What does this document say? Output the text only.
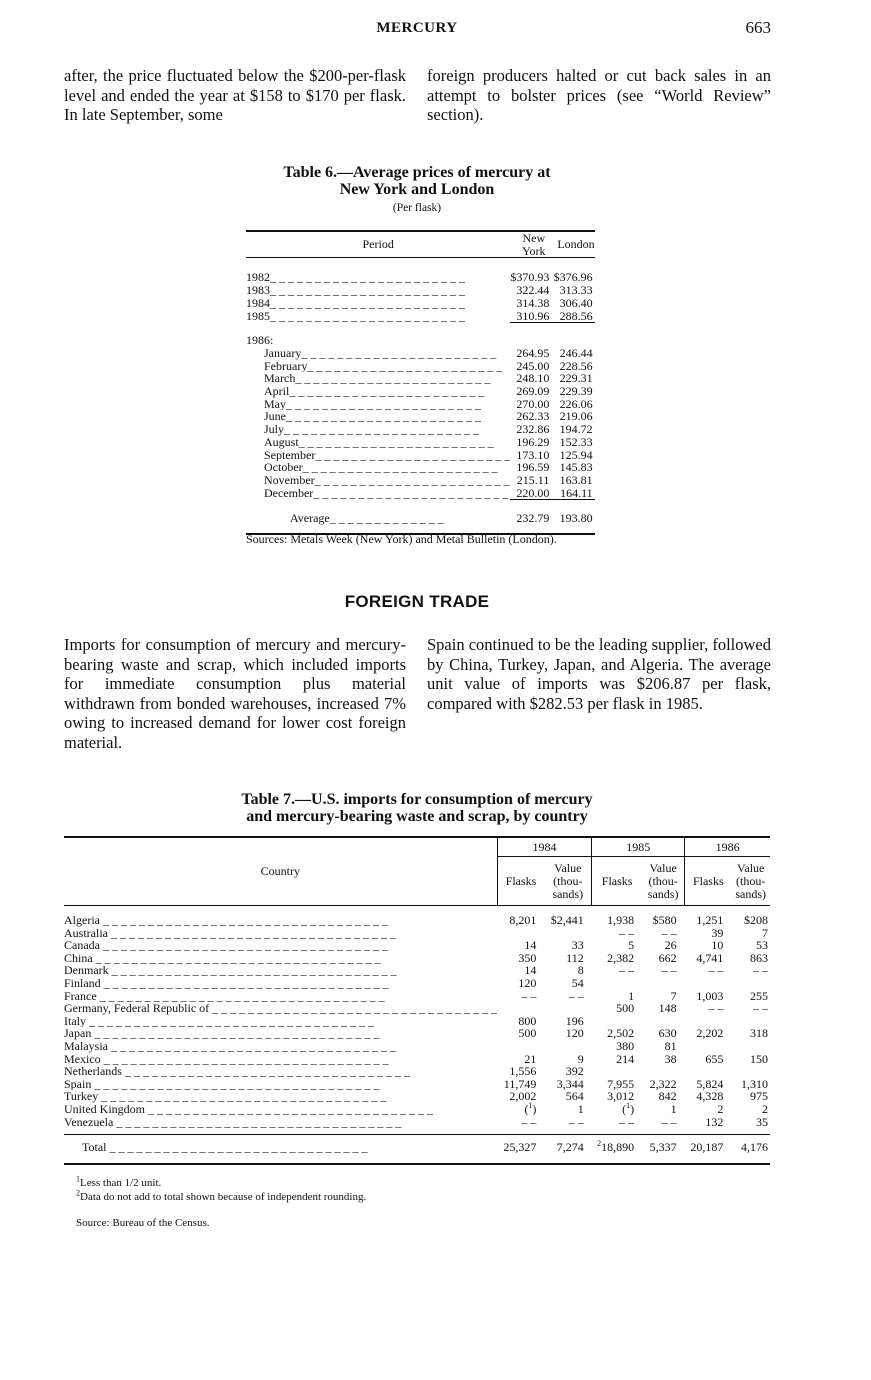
MERCURY	663

after, the price fluctuated below the $200-per-flask level and ended the year at $158 to $170 per flask. In late September, some

foreign producers halted or cut back sales in an attempt to bolster prices (see “World Review” section).

Table 6.—Average prices of mercury at

New York and London

(Per flask)
Period	New York	London

1982_ _ _ _ _ _ _ _ _ _ _ _ _ _ _ _ _ _ _ _ _ _	$370.93	$376.96
1983_ _ _ _ _ _ _ _ _ _ _ _ _ _ _ _ _ _ _ _ _ _	322.44	313.33
1984_ _ _ _ _ _ _ _ _ _ _ _ _ _ _ _ _ _ _ _ _ _	314.38	306.40
1985_ _ _ _ _ _ _ _ _ _ _ _ _ _ _ _ _ _ _ _ _ _	310.96	288.56

1986:		
January_ _ _ _ _ _ _ _ _ _ _ _ _ _ _ _ _ _ _ _ _ _	264.95	246.44
February_ _ _ _ _ _ _ _ _ _ _ _ _ _ _ _ _ _ _ _ _ _	245.00	228.56
March_ _ _ _ _ _ _ _ _ _ _ _ _ _ _ _ _ _ _ _ _ _	248.10	229.31
April_ _ _ _ _ _ _ _ _ _ _ _ _ _ _ _ _ _ _ _ _ _	269.09	229.39
May_ _ _ _ _ _ _ _ _ _ _ _ _ _ _ _ _ _ _ _ _ _	270.00	226.06
June_ _ _ _ _ _ _ _ _ _ _ _ _ _ _ _ _ _ _ _ _ _	262.33	219.06
July_ _ _ _ _ _ _ _ _ _ _ _ _ _ _ _ _ _ _ _ _ _	232.86	194.72
August_ _ _ _ _ _ _ _ _ _ _ _ _ _ _ _ _ _ _ _ _ _	196.29	152.33
September_ _ _ _ _ _ _ _ _ _ _ _ _ _ _ _ _ _ _ _ _ _	173.10	125.94
October_ _ _ _ _ _ _ _ _ _ _ _ _ _ _ _ _ _ _ _ _ _	196.59	145.83
November_ _ _ _ _ _ _ _ _ _ _ _ _ _ _ _ _ _ _ _ _ _	215.11	163.81
December_ _ _ _ _ _ _ _ _ _ _ _ _ _ _ _ _ _ _ _ _ _	220.00	164.11

Average_ _ _ _ _ _ _ _ _ _ _ _ _	232.79	193.80

Sources: Metals Week (New York) and Metal Bulletin (London).
FOREIGN TRADE

Imports for consumption of mercury and mercury-bearing waste and scrap, which included imports for immediate consumption plus material withdrawn from bonded warehouses, increased 7% owing to increased demand for lower cost foreign material.

Spain continued to be the leading supplier, followed by China, Turkey, Japan, and Algeria. The average unit value of imports was $206.87 per flask, compared with $282.53 per flask in 1985.

Table 7.—U.S. imports for consumption of mercury

and mercury-bearing waste and scrap, by country

Country	1984		1985		1986	
	Flasks	Value
(thou-
sands)	Flasks	Value
(thou-
sands)	Flasks	Value
(thou-
sands)

Algeria _ _ _ _ _ _ _ _ _ _ _ _ _ _ _ _ _ _ _ _ _ _ _ _ _ _ _ _ _ _ _ _	8,201	$2,441	1,938	$580	1,251	$208
Australia _ _ _ _ _ _ _ _ _ _ _ _ _ _ _ _ _ _ _ _ _ _ _ _ _ _ _ _ _ _ _ _			– –	– –	39	7
Canada _ _ _ _ _ _ _ _ _ _ _ _ _ _ _ _ _ _ _ _ _ _ _ _ _ _ _ _ _ _ _ _	14	33	5	26	10	53
China _ _ _ _ _ _ _ _ _ _ _ _ _ _ _ _ _ _ _ _ _ _ _ _ _ _ _ _ _ _ _ _	350	112	2,382	662	4,741	863
Denmark _ _ _ _ _ _ _ _ _ _ _ _ _ _ _ _ _ _ _ _ _ _ _ _ _ _ _ _ _ _ _ _	14	8	– –	– –	– –	– –
Finland _ _ _ _ _ _ _ _ _ _ _ _ _ _ _ _ _ _ _ _ _ _ _ _ _ _ _ _ _ _ _ _	120	54				
France _ _ _ _ _ _ _ _ _ _ _ _ _ _ _ _ _ _ _ _ _ _ _ _ _ _ _ _ _ _ _ _	– –	– –	1	7	1,003	255
Germany, Federal Republic of _ _ _ _ _ _ _ _ _ _ _ _ _ _ _ _ _ _ _ _ _ _ _ _ _ _ _ _ _ _ _ _			500	148	– –	– –
Italy _ _ _ _ _ _ _ _ _ _ _ _ _ _ _ _ _ _ _ _ _ _ _ _ _ _ _ _ _ _ _ _	800	196				
Japan _ _ _ _ _ _ _ _ _ _ _ _ _ _ _ _ _ _ _ _ _ _ _ _ _ _ _ _ _ _ _ _	500	120	2,502	630	2,202	318
Malaysia _ _ _ _ _ _ _ _ _ _ _ _ _ _ _ _ _ _ _ _ _ _ _ _ _ _ _ _ _ _ _ _			380	81		
Mexico _ _ _ _ _ _ _ _ _ _ _ _ _ _ _ _ _ _ _ _ _ _ _ _ _ _ _ _ _ _ _ _	21	9	214	38	655	150
Netherlands _ _ _ _ _ _ _ _ _ _ _ _ _ _ _ _ _ _ _ _ _ _ _ _ _ _ _ _ _ _ _ _	1,556	392				
Spain _ _ _ _ _ _ _ _ _ _ _ _ _ _ _ _ _ _ _ _ _ _ _ _ _ _ _ _ _ _ _ _	11,749	3,344	7,955	2,322	5,824	1,310
Turkey _ _ _ _ _ _ _ _ _ _ _ _ _ _ _ _ _ _ _ _ _ _ _ _ _ _ _ _ _ _ _ _	2,002	564	3,012	842	4,328	975
United Kingdom _ _ _ _ _ _ _ _ _ _ _ _ _ _ _ _ _ _ _ _ _ _ _ _ _ _ _ _ _ _ _ _	($^1$)	1	($^1$)	1	2	2
Venezuela _ _ _ _ _ _ _ _ _ _ _ _ _ _ _ _ _ _ _ _ _ _ _ _ _ _ _ _ _ _ _ _	– –	– –	– –	– –	132	35

Total _ _ _ _ _ _ _ _ _ _ _ _ _ _ _ _ _ _ _ _ _ _ _ _ _ _ _ _ _	25,327	7,274	$^2$18,890	5,337	20,187	4,176

$^1$Less than 1/2 unit.
$^2$Data do not add to total shown because of independent rounding.
Source: Bureau of the Census.
